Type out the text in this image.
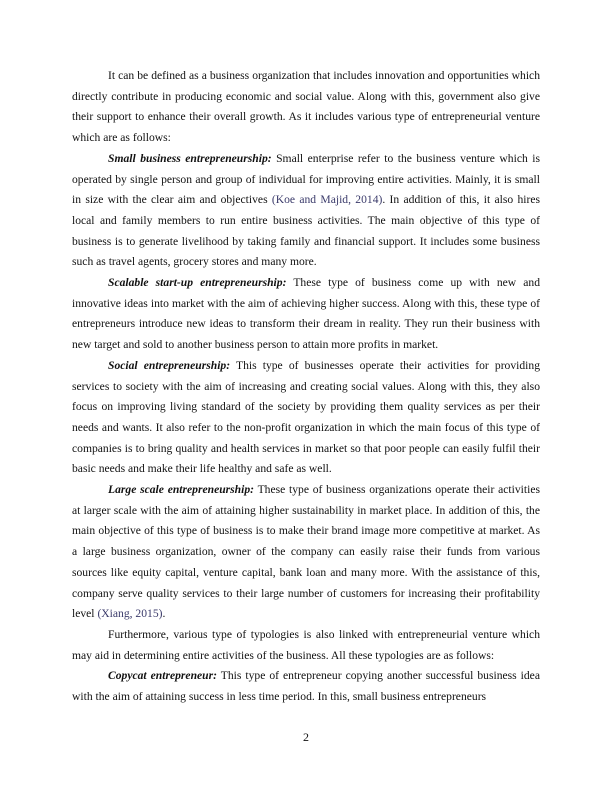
It can be defined as a business organization that includes innovation and opportunities which directly contribute in producing economic and social value. Along with this, government also give their support to enhance their overall growth. As it includes various type of entrepreneurial venture which are as follows:

Small business entrepreneurship: Small enterprise refer to the business venture which is operated by single person and group of individual for improving entire activities. Mainly, it is small in size with the clear aim and objectives (Koe and Majid, 2014). In addition of this, it also hires local and family members to run entire business activities. The main objective of this type of business is to generate livelihood by taking family and financial support. It includes some business such as travel agents, grocery stores and many more.

Scalable start-up entrepreneurship: These type of business come up with new and innovative ideas into market with the aim of achieving higher success. Along with this, these type of entrepreneurs introduce new ideas to transform their dream in reality. They run their business with new target and sold to another business person to attain more profits in market.

Social entrepreneurship: This type of businesses operate their activities for providing services to society with the aim of increasing and creating social values. Along with this, they also focus on improving living standard of the society by providing them quality services as per their needs and wants. It also refer to the non-profit organization in which the main focus of this type of companies is to bring quality and health services in market so that poor people can easily fulfil their basic needs and make their life healthy and safe as well.

Large scale entrepreneurship: These type of business organizations operate their activities at larger scale with the aim of attaining higher sustainability in market place. In addition of this, the main objective of this type of business is to make their brand image more competitive at market. As a large business organization, owner of the company can easily raise their funds from various sources like equity capital, venture capital, bank loan and many more. With the assistance of this, company serve quality services to their large number of customers for increasing their profitability level (Xiang, 2015).

Furthermore, various type of typologies is also linked with entrepreneurial venture which may aid in determining entire activities of the business. All these typologies are as follows:

Copycat entrepreneur: This type of entrepreneur copying another successful business idea with the aim of attaining success in less time period. In this, small business entrepreneurs

2
